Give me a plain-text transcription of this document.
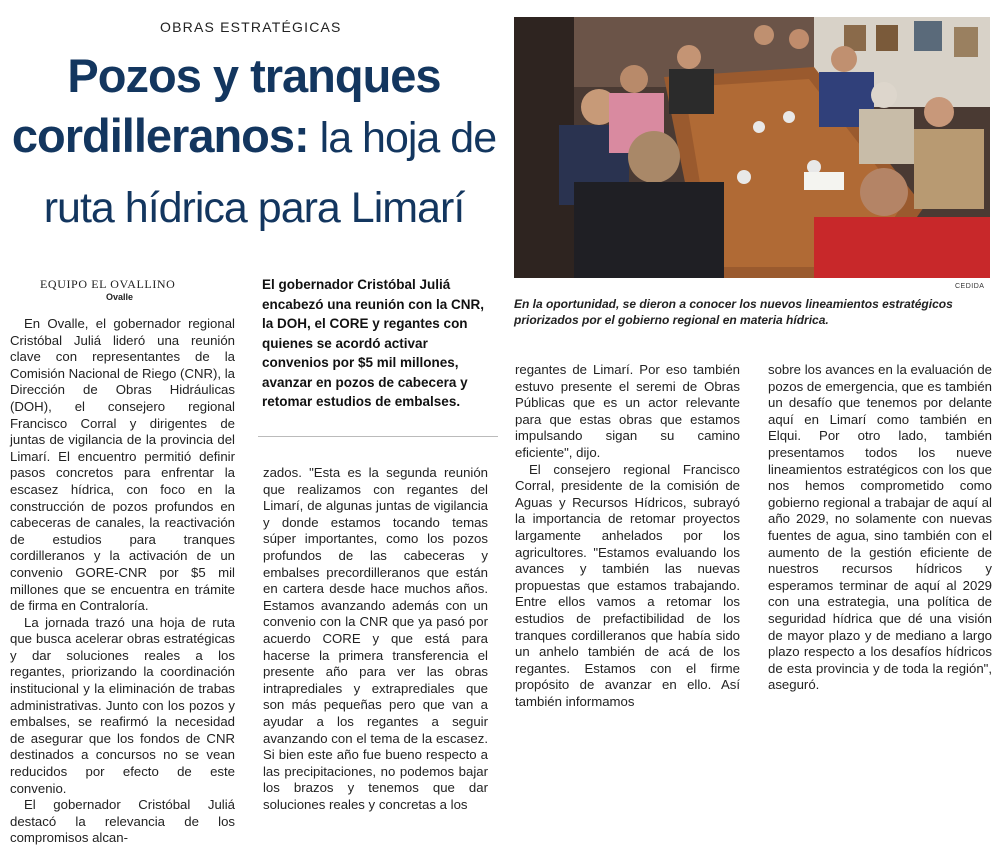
OBRAS ESTRATÉGICAS
Pozos y tranques
cordilleranos: la hoja de
ruta hídrica para Limarí
CEDIDA
En la oportunidad, se dieron a conocer los nuevos lineamientos estratégicos priorizados por el gobierno regional en materia hídrica.
EQUIPO EL OVALLINO
Ovalle
El gobernador Cristóbal Juliá encabezó una reunión con la CNR, la DOH, el CORE y regantes con quienes se acordó activar convenios por $5 mil millones, avanzar en pozos de cabecera y retomar estudios de embalses.

En Ovalle, el gobernador regional Cristóbal Juliá lideró una reunión clave con representantes de la Comisión Nacional de Riego (CNR), la Dirección de Obras Hidráulicas (DOH), el consejero regional Francisco Corral y dirigentes de juntas de vigilancia de la provincia del Limarí. El encuentro permitió definir pasos concretos para enfrentar la escasez hídrica, con foco en la construcción de pozos profundos en cabeceras de canales, la reactivación de estudios para tranques cordilleranos y la activación de un convenio GORE-CNR por $5 mil millones que se encuentra en trámite de firma en Contraloría.

La jornada trazó una hoja de ruta que busca acelerar obras estratégicas y dar soluciones reales a los regantes, priorizando la coordinación institucional y la eliminación de trabas administrativas. Junto con los pozos y embalses, se reafirmó la necesidad de asegurar que los fondos de CNR destinados a concursos no se vean reducidos por efecto de este convenio.

El gobernador Cristóbal Juliá destacó la relevancia de los compromisos alcan-

zados. "Esta es la segunda reunión que realizamos con regantes del Limarí, de algunas juntas de vigilancia y donde estamos tocando temas súper importantes, como los pozos profundos de las cabeceras y embalses precordilleranos que están en cartera desde hace muchos años. Estamos avanzando además con un convenio con la CNR que ya pasó por acuerdo CORE y que está para hacerse la primera transferencia el presente año para ver las obras intraprediales y extraprediales que son más pequeñas pero que van a ayudar a los regantes a seguir avanzando con el tema de la escasez. Si bien este año fue bueno respecto a las precipitaciones, no podemos bajar los brazos y tenemos que dar soluciones reales y concretas a los

regantes de Limarí. Por eso también estuvo presente el seremi de Obras Públicas que es un actor relevante para que estas obras que estamos impulsando sigan su camino eficiente", dijo.

El consejero regional Francisco Corral, presidente de la comisión de Aguas y Recursos Hídricos, subrayó la importancia de retomar proyectos largamente anhelados por los agricultores. "Estamos evaluando los avances y también las nuevas propuestas que estamos trabajando. Entre ellos vamos a retomar los estudios de prefactibilidad de los tranques cordilleranos que había sido un anhelo también de acá de los regantes. Estamos con el firme propósito de avanzar en ello. Así también informamos

sobre los avances en la evaluación de pozos de emergencia, que es también un desafío que tenemos por delante aquí en Limarí como también en Elqui. Por otro lado, también presentamos todos los nueve lineamientos estratégicos con los que nos hemos comprometido como gobierno regional a trabajar de aquí al año 2029, no solamente con nuevas fuentes de agua, sino también con el aumento de la gestión eficiente de nuestros recursos hídricos y esperamos terminar de aquí al 2029 con una estrategia, una política de seguridad hídrica que dé una visión de mayor plazo y de mediano a largo plazo respecto a los desafíos hídricos de esta provincia y de toda la región", aseguró.
